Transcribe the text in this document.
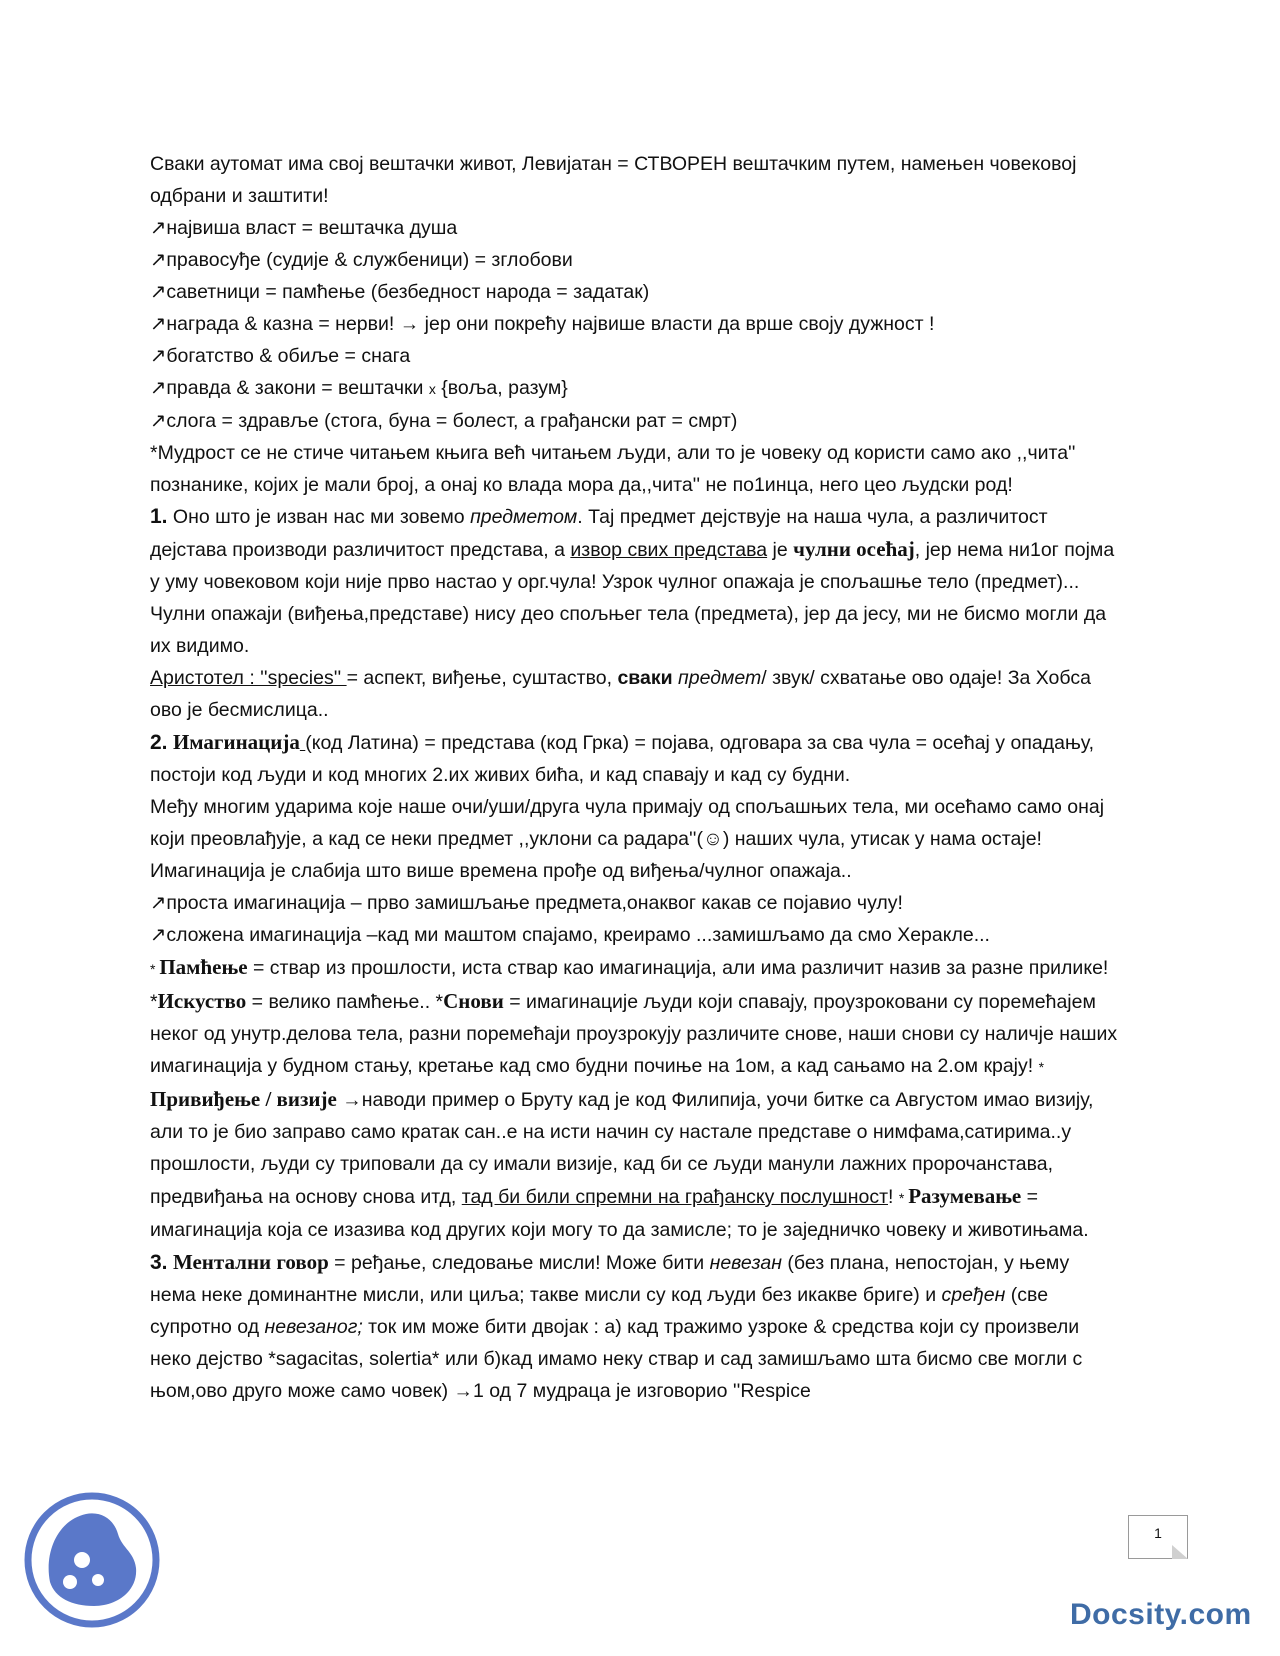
Сваки аутомат има свој вештачки живот, Левијатан = СТВОРЕН вештачким путем, намењен човековој одбрани и заштити!

↗највиша власт = вештачка душа

↗правосуђе (судије & службеници) = зглобови

↗саветници = памћење (безбедност народа = задатак)

↗награда & казна = нерви! → јер они покрећу највише власти да врше своју дужност !

↗богатство & обиље = снага

↗правда & закони = вештачки x {воља, разум}

↗слога = здравље (стога, буна = болест, а грађански рат = смрт)

*Мудрост се не стиче читањем књига већ читањем људи, али то је човеку од користи само ако ,,чита'' познанике, којих је мали број, а онај ко влада мора да,,чита'' не по1инца, него цео људски род!

1. Оно што је изван нас ми зовемо предметом. Тај предмет дејствује на наша чула, а различитост дејстава производи различитост представа, а извор свих представа је чулни осећај, јер нема ни1ог појма у уму човековом који није прво настао у орг.чула! Узрок чулног опажаја је спољашње тело (предмет)... Чулни опажаји (виђења,представе) нису део спољњег тела (предмета), јер да јесу, ми не бисмо могли да их видимо.

Аристотел : ''species'' = аспект, виђење, суштаство, сваки предмет/ звук/ схватање ово одаје! За Хобса ово је бесмислица..

2. Имагинација (код Латина) = представа (код Грка) = појава, одговара за сва чула = осећај у опадању, постоји код људи и код многих 2.их живих бића, и кад спавају и кад су будни.

Међу многим ударима које наше очи/уши/друга чула примају од спољашњих тела, ми осећамо само онај који преовлађује, а кад се неки предмет ,,уклони са радара''(☺) наших чула, утисак у нама остаје! Имагинација је слабија што више времена прође од виђења/чулног опажаја..

↗проста имагинација – прво замишљање предмета,онаквог какав се појавио чулу!

↗сложена имагинација –кад ми маштом спајамо, креирамо ...замишљамо да смо Херакле...

* Памћење = ствар из прошлости, иста ствар као имагинација, али има различит назив за разне прилике! *Искуство = велико памћење.. *Снови = имагинације људи који спавају, проузроковани су поремећајем неког од унутр.делова тела, разни поремећаји проузрокују различите снове, наши снови су наличје наших имагинација у будном стању, кретање кад смо будни почиње на 1ом, а кад сањамо на 2.ом крају! * Привиђење / визије →наводи пример о Бруту кад је код Филипија, уочи битке са Августом имао визију, али то је био заправо само кратак сан..е на исти начин су настале представе о нимфама,сатирима..у прошлости, људи су триповали да су имали визије, кад би се људи манули лажних пророчанстава, предвиђања на основу снова итд, тад би били спремни на грађанску послушност! * Разумевање = имагинација која се изазива код других који могу то да замисле; то је заједничко човеку и животињама.

3. Ментални говор = ређање, следовање мисли! Може бити невезан (без плана, непостојан, у њему нема неке доминантне мисли, или циља; такве мисли су код људи без икакве бриге) и сређен (све супротно од невезаног; ток им може бити двојак : а) кад тражимо узроке & средства који су произвели неко дејство *sagacitas, solertia* или б)кад имамо неку ствар и сад замишљамо шта бисмо све могли с њом,ово друго може само човек) →1 од 7 мудраца је изговорио ''Respice

1
Docsity.com
